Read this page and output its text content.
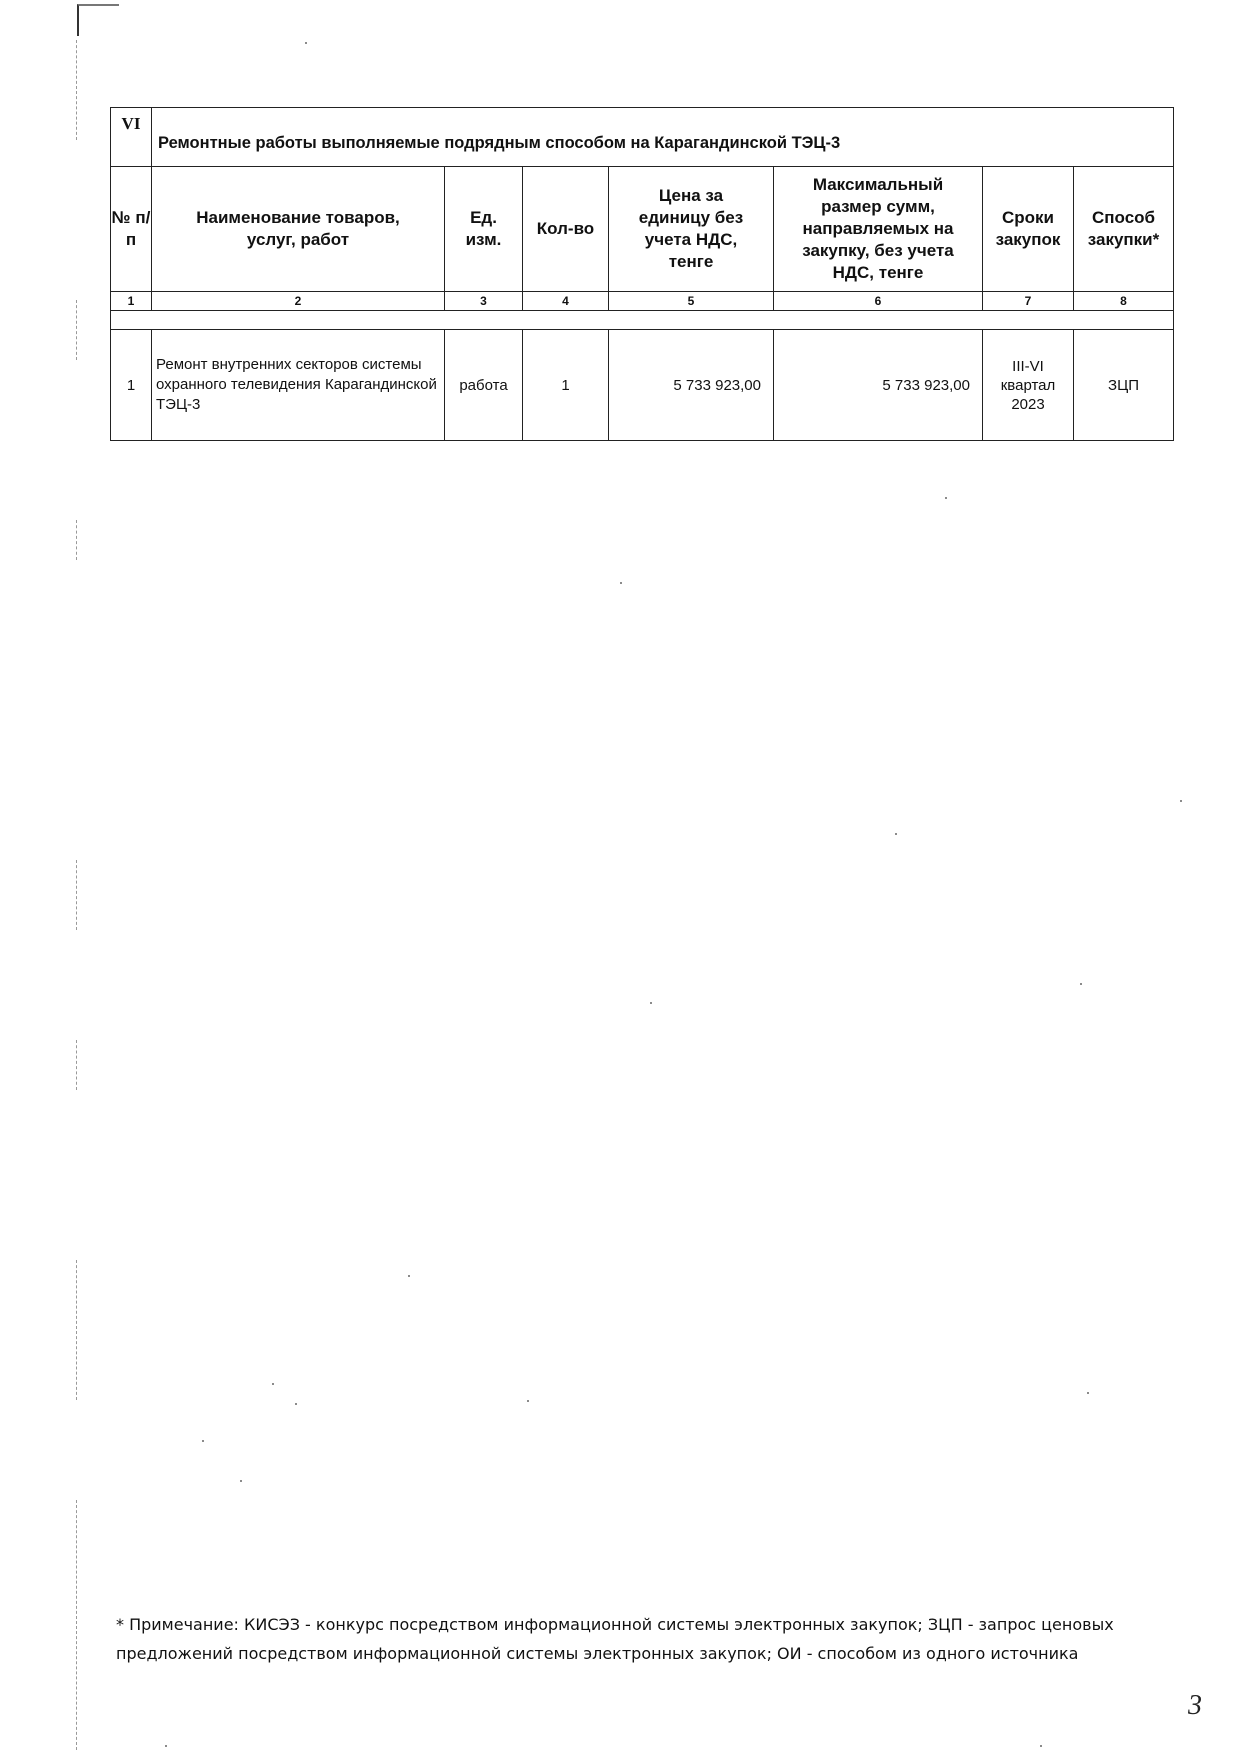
VI	Ремонтные работы выполняемые подрядным способом на Карагандинской ТЭЦ-3						
№ п/п	Наименование товаров, услуг, работ	Ед. изм.	Кол-во	Цена за единицу без учета НДС, тенге	Максимальный размер сумм, направляемых на закупку, без учета НДС, тенге	Сроки закупок	Способ закупки*
1	2	3	4	5	6	7	8

1	Ремонт внутренних секторов системы охранного телевидения Карагандинской ТЭЦ-3	работа	1	5 733 923,00	5 733 923,00	III-VI квартал 2023	ЗЦП
* Примечание: КИСЭЗ - конкурс посредством информационной системы электронных закупок; ЗЦП - запрос ценовых предложений посредством информационной системы электронных закупок; ОИ - способом из одного источника
3
